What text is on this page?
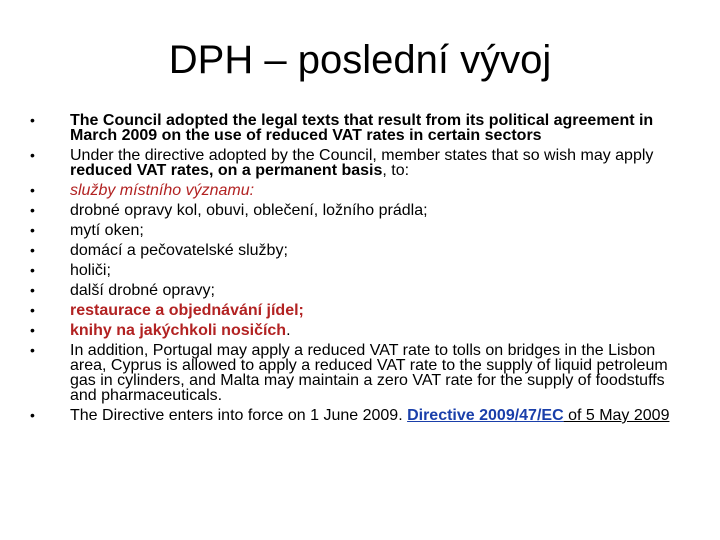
DPH – poslední vývoj
•	The Council adopted the legal texts that result from its political agreement in March 2009 on the use of reduced VAT rates in certain sectors
•	Under the directive adopted by the Council, member states that so wish may apply reduced VAT rates, on a permanent basis, to:
•	služby místního významu:
•	drobné opravy kol, obuvi, oblečení, ložního prádla;
•	mytí oken;
•	domácí a pečovatelské služby;
•	holiči;
•	další drobné opravy;
•	restaurace a objednávání jídel;
•	knihy na jakýchkoli nosičích.
•	In addition, Portugal may apply a reduced VAT rate to tolls on bridges in the Lisbon area, Cyprus is allowed to apply a reduced VAT rate to the supply of liquid petroleum gas in cylinders, and Malta may maintain a zero VAT rate for the supply of foodstuffs and pharmaceuticals.
•	The Directive enters into force on 1 June 2009. Directive 2009/47/EC of 5 May 2009
